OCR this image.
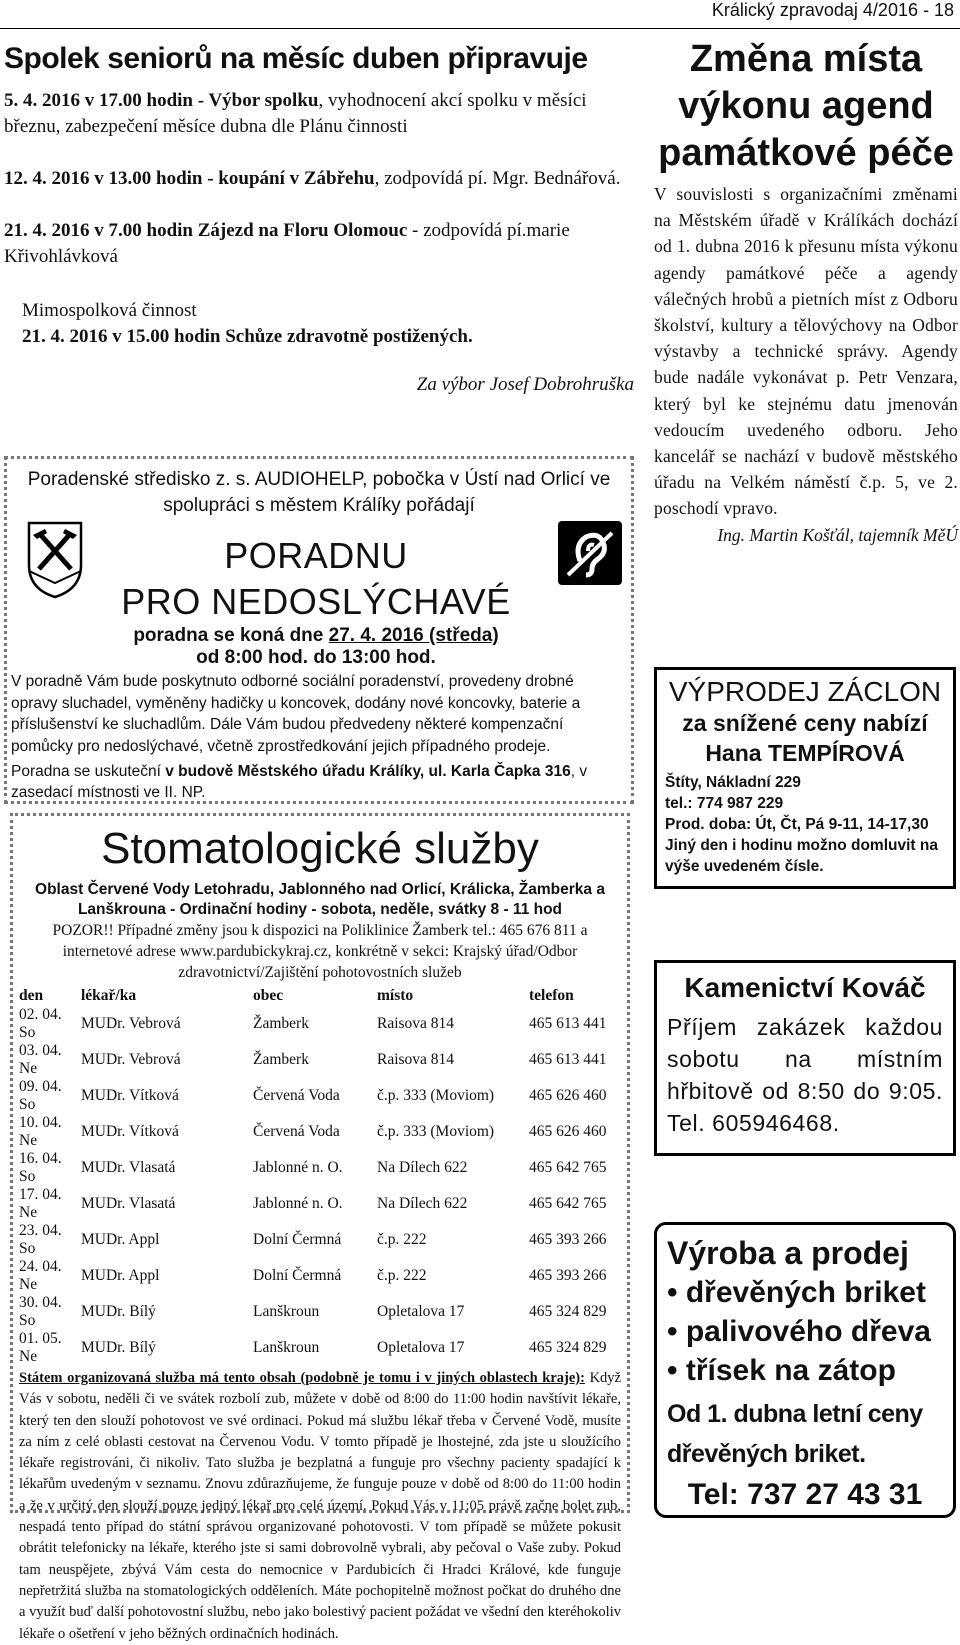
Králický zpravodaj 4/2016 - 18
Spolek seniorů na měsíc duben připravuje

5. 4. 2016 v 17.00 hodin - Výbor spolku, vyhodnocení akcí spolku v měsíci březnu, zabezpečení měsíce dubna dle Plánu činnosti

12. 4. 2016 v 13.00 hodin - koupání v Zábřehu, zodpovídá pí. Mgr. Bednářová.

21. 4. 2016 v 7.00 hodin Zájezd na Floru Olomouc - zodpovídá pí.marie Křivohlávková

Mimospolková činnost

21. 4. 2016 v 15.00 hodin Schůze zdravotně postižených.

Za výbor Josef Dobrohruška

Poradenské středisko z. s. AUDIOHELP, pobočka v Ústí nad Orlicí ve spolupráci s městem Králíky pořádají
PORADNU
PRO NEDOSLÝCHAVÉ
poradna se koná dne 27. 4. 2016 (středa)
od 8:00 hod. do 13:00 hod.
V poradně Vám bude poskytnuto odborné sociální poradenství, provedeny drobné opravy sluchadel, vyměněny hadičky u koncovek, dodány nové koncovky, baterie a příslušenství ke sluchadlům. Dále Vám budou předvedeny některé kompenzační pomůcky pro nedoslýchavé, včetně zprostředkování jejich případného prodeje.
Poradna se uskuteční v budově Městského úřadu Králíky, ul. Karla Čapka 316, v zasedací místnosti ve II. NP.
Stomatologické služby
Oblast Červené Vody Letohradu, Jablonného nad Orlicí, Králicka, Žamberka a Lanškrouna - Ordinační hodiny - sobota, neděle, svátky 8 - 11 hod
POZOR!! Případné změny jsou k dispozici na Poliklinice Žamberk tel.: 465 676 811 a internetové adrese www.pardubickykraj.cz, konkrétně v sekci: Krajský úřad/Odbor zdravotnictví/Zajištění pohotovostních služeb
den	lékař/ka	obec	místo	telefon
02. 04. So	MUDr. Vebrová	Žamberk	Raisova 814	465 613 441
03. 04. Ne	MUDr. Vebrová	Žamberk	Raisova 814	465 613 441
09. 04. So	MUDr. Vítková	Červená Voda	č.p. 333 (Moviom)	465 626 460
10. 04. Ne	MUDr. Vítková	Červená Voda	č.p. 333 (Moviom)	465 626 460
16. 04. So	MUDr. Vlasatá	Jablonné n. O.	Na Dílech 622	465 642 765
17. 04. Ne	MUDr. Vlasatá	Jablonné n. O.	Na Dílech 622	465 642 765
23. 04. So	MUDr. Appl	Dolní Čermná	č.p. 222	465 393 266
24. 04. Ne	MUDr. Appl	Dolní Čermná	č.p. 222	465 393 266
30. 04. So	MUDr. Bílý	Lanškroun	Opletalova 17	465 324 829
01. 05. Ne	MUDr. Bílý	Lanškroun	Opletalova 17	465 324 829
Státem organizovaná služba má tento obsah (podobně je tomu i v jiných oblastech kraje): Když Vás v sobotu, neděli či ve svátek rozbolí zub, můžete v době od 8:00 do 11:00 hodin navštívit lékaře, který ten den slouží pohotovost ve své ordinaci. Pokud má službu lékař třeba v Červené Vodě, musíte za ním z celé oblasti cestovat na Červenou Vodu. V tomto případě je lhostejné, zda jste u sloužícího lékaře registrováni, či nikoliv. Tato služba je bezplatná a funguje pro všechny pacienty spadající k lékařům uvedeným v seznamu. Znovu zdůrazňujeme, že funguje pouze v době od 8:00 do 11:00 hodin a že v určitý den slouží pouze jediný lékař pro celé území. Pokud Vás v 11:05 právě začne bolet zub, nespadá tento případ do státní správou organizované pohotovosti. V tom případě se můžete pokusit obrátit telefonicky na lékaře, kterého jste si sami dobrovolně vybrali, aby pečoval o Vaše zuby. Pokud tam neuspějete, zbývá Vám cesta do nemocnice v Pardubicích či Hradci Králové, kde funguje nepřetržitá služba na stomatologických odděleních. Máte pochopitelně možnost počkat do druhého dne a využít buď další pohotovostní službu, nebo jako bolestivý pacient požádat ve všední den kteréhokoliv lékaře o ošetření v jeho běžných ordinačních hodinách.
Změna místa výkonu agend památkové péče
V souvislosti s organizačními změnami na Městském úřadě v Králíkách dochází od 1. dubna 2016 k přesunu místa výkonu agendy památkové péče a agendy válečných hrobů a pietních míst z Odboru školství, kultury a tělovýchovy na Odbor výstavby a technické správy. Agendy bude nadále vykonávat p. Petr Venzara, který byl ke stejnému datu jmenován vedoucím uvedeného odboru. Jeho kancelář se nachází v budově městského úřadu na Velkém náměstí č.p. 5, ve 2. poschodí vpravo.
Ing. Martin Košťál, tajemník MěÚ
VÝPRODEJ ZÁCLON
za snížené ceny nabízí Hana TEMPÍROVÁ
Štíty, Nákladní 229
tel.: 774 987 229
Prod. doba: Út, Čt, Pá 9-11, 14-17,30
Jiný den i hodinu možno domluvit na výše uvedeném čísle.
Kamenictví Kováč
Příjem zakázek každou sobotu na místním hřbitově od 8:50 do 9:05. Tel. 605946468.
Výroba a prodej
• dřevěných briket
• palivového dřeva
• třísek na zátop
Od 1. dubna letní ceny dřevěných briket.
Tel: 737 27 43 31
